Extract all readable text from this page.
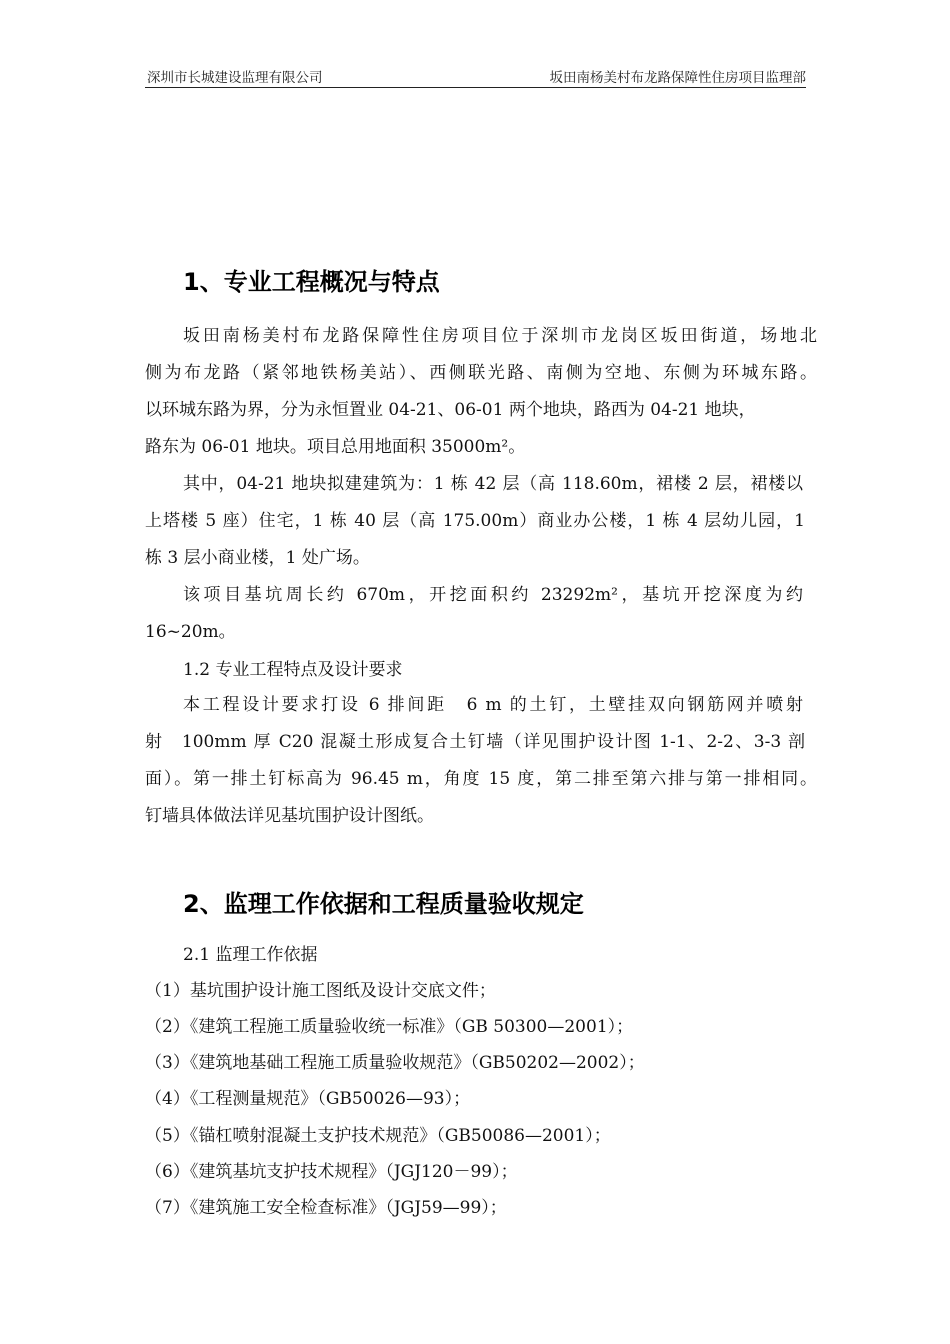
深圳市长城建设监理有限公司	坂田南杨美村布龙路保障性住房项目监理部
1、专业工程概况与特点
坂田南杨美村布龙路保障性住房项目位于深圳市龙岗区坂田街道，场地北
侧为布龙路（紧邻地铁杨美站）、西侧联光路、南侧为空地、东侧为环城东路。
以环城东路为界，分为永恒置业 04-21、06-01 两个地块，路西为 04-21 地块，
路东为 06-01 地块。项目总用地面积 35000m²。
其中，04-21 地块拟建建筑为：1 栋 42 层（高 118.60m，裙楼 2 层，裙楼以
上塔楼 5 座）住宅，1 栋 40 层（高 175.00m）商业办公楼，1 栋 4 层幼儿园，1
栋 3 层小商业楼，1 处广场。
该项目基坑周长约 670m，开挖面积约 23292m²，基坑开挖深度为约
16~20m。
1.2 专业工程特点及设计要求
本工程设计要求打设 6 排间距　6 m 的土钉，土壁挂双向钢筋网并喷射
射　100mm 厚 C20 混凝土形成复合土钉墙（详见围护设计图 1-1、2-2、3-3 剖
面）。第一排土钉标高为 96.45 m，角度 15 度，第二排至第六排与第一排相同。
钉墙具体做法详见基坑围护设计图纸。
2、监理工作依据和工程质量验收规定
2.1 监理工作依据
（1）基坑围护设计施工图纸及设计交底文件；
（2）《建筑工程施工质量验收统一标准》（GB 50300—2001）；
（3）《建筑地基础工程施工质量验收规范》（GB50202—2002）；
（4）《工程测量规范》（GB50026—93）；
（5）《锚杠喷射混凝土支护技术规范》（GB50086—2001）；
（6）《建筑基坑支护技术规程》（JGJ120－99）；
（7）《建筑施工安全检查标准》（JGJ59—99）；
